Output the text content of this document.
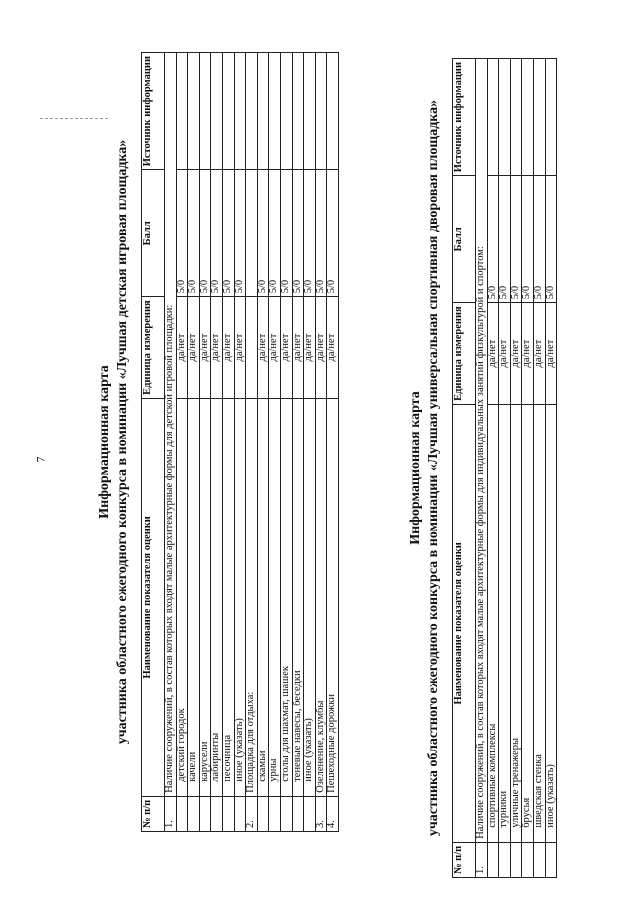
7	Информационная карта участника областного ежегодного конкурса в номинации «Лучшая детская игровая площадка»
№ п/п	Наименование показателя оценки	Единица измерения	Балл	Источник информации
1.	Наличие сооружений, в состав которых входят малые архитектурные формы для детской игровой площадки:			
	детский городок	да/нет	5/0	
	качели	да/нет	5/0	
	карусели	да/нет	5/0	
	лабиринты	да/нет	5/0	
	песочница	да/нет	5/0	
	иное (указать)	да/нет	5/0	
2.	Площадка для отдыха:			
	скамьи	да/нет	5/0	
	урны	да/нет	5/0	
	столы для шахмат, шашек	да/нет	5/0	
	теневые навесы, беседки	да/нет	5/0	
	иное (указать)	да/нет	5/0	
3.	Озеленение, клумбы	да/нет	5/0	
4.	Пешеходные дорожки	да/нет	5/0	
Информационная карта участника областного ежегодного конкурса в номинации «Лучшая универсальная спортивная дворовая площадка»
№ п/п	Наименование показателя оценки	Единица измерения	Балл	Источник информации
1.	Наличие сооружений, в состав которых входят малые архитектурные формы для индивидуальных занятий физкультурой и спортом:			
	спортивные комплексы	да/нет	5/0	
	турники	да/нет	5/0	
	уличные тренажеры	да/нет	5/0	
	брусья	да/нет	5/0	
	шведская стенка	да/нет	5/0	
	иное (указать)	да/нет	5/0	
